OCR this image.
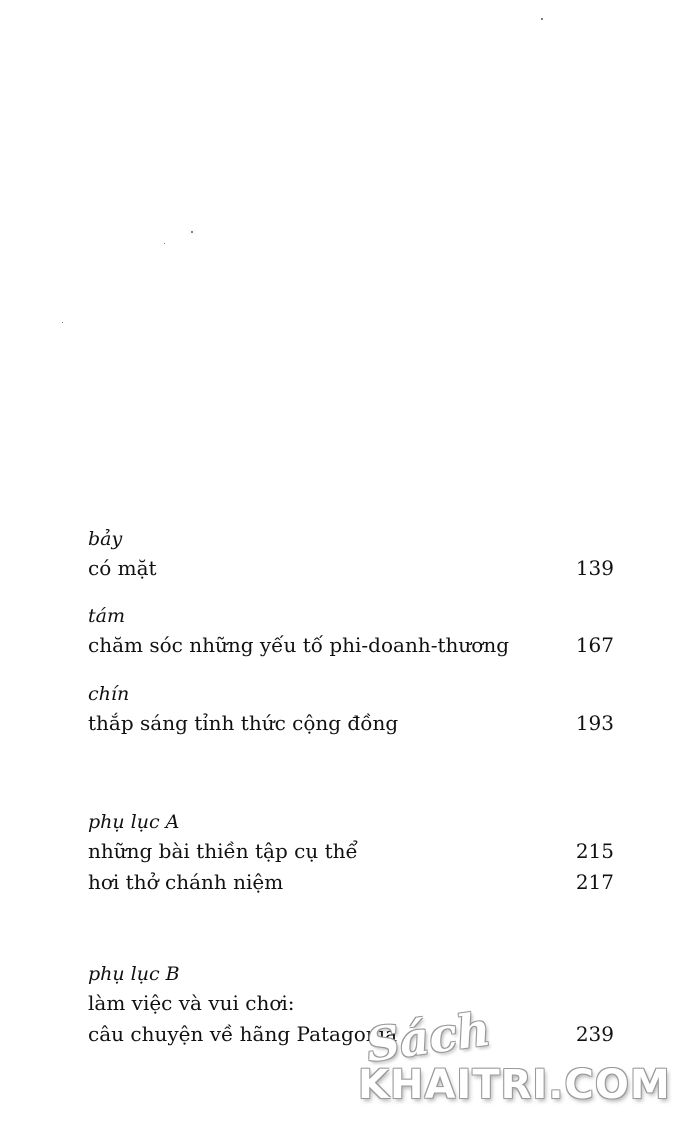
bảy
có mặt	139
tám
chăm sóc những yếu tố phi-doanh-thương	167
chín
thắp sáng tỉnh thức cộng đồng	193
phụ lục A
những bài thiền tập cụ thể	215
hơi thở chánh niệm	217
phụ lục B
làm việc và vui chơi:
câu chuyện về hãng Patagonia	239
Sách
KHAITRI.COM
